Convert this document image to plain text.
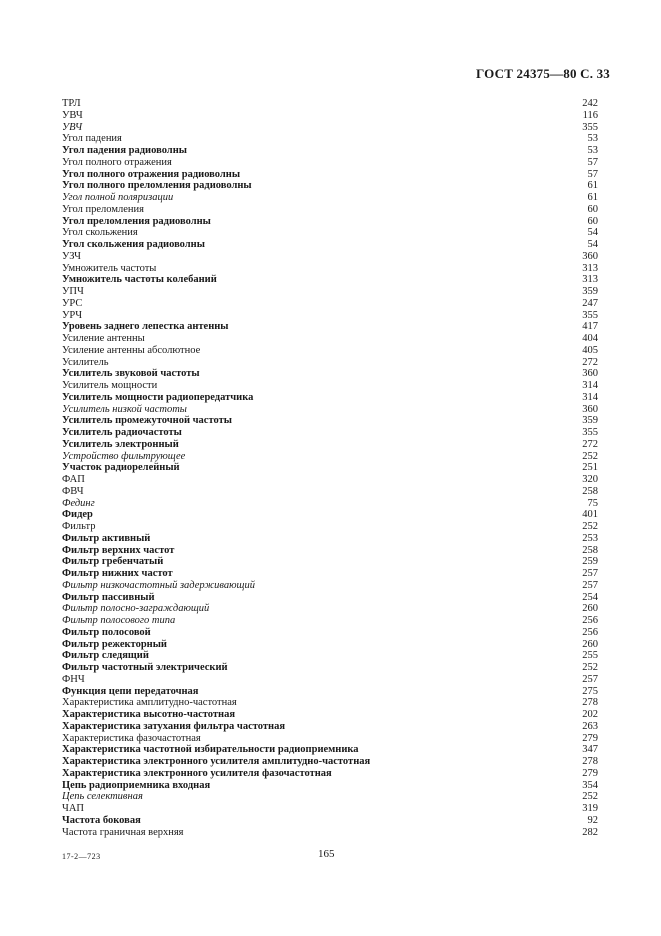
ГОСТ 24375—80 С. 33
ТРЛ	242
УВЧ	116
УВЧ	355
Угол падения	53
Угол падения радиоволны	53
Угол полного отражения	57
Угол полного отражения радиоволны	57
Угол полного преломления радиоволны	61
Угол полной поляризации	61
Угол преломления	60
Угол преломления радиоволны	60
Угол скольжения	54
Угол скольжения радиоволны	54
УЗЧ	360
Умножитель частоты	313
Умножитель частоты колебаний	313
УПЧ	359
УРС	247
УРЧ	355
Уровень заднего лепестка антенны	417
Усиление антенны	404
Усиление антенны абсолютное	405
Усилитель	272
Усилитель звуковой частоты	360
Усилитель мощности	314
Усилитель мощности радиопередатчика	314
Усилитель низкой частоты	360
Усилитель промежуточной частоты	359
Усилитель радиочастоты	355
Усилитель электронный	272
Устройство фильтрующее	252
Участок радиорелейный	251
ФАП	320
ФВЧ	258
Фединг	75
Фидер	401
Фильтр	252
Фильтр активный	253
Фильтр верхних частот	258
Фильтр гребенчатый	259
Фильтр нижних частот	257
Фильтр низкочастотный задерживающий	257
Фильтр пассивный	254
Фильтр полосно-заграждающий	260
Фильтр полосового типа	256
Фильтр полосовой	256
Фильтр режекторный	260
Фильтр следящий	255
Фильтр частотный электрический	252
ФНЧ	257
Функция цепи передаточная	275
Характеристика амплитудно-частотная	278
Характеристика высотно-частотная	202
Характеристика затухания фильтра частотная	263
Характеристика фазочастотная	279
Характеристика частотной избирательности радиоприемника	347
Характеристика электронного усилителя амплитудно-частотная	278
Характеристика электронного усилителя фазочастотная	279
Цепь радиоприемника входная	354
Цепь селективная	252
ЧАП	319
Частота боковая	92
Частота граничная верхняя	282
17-2—723	165
